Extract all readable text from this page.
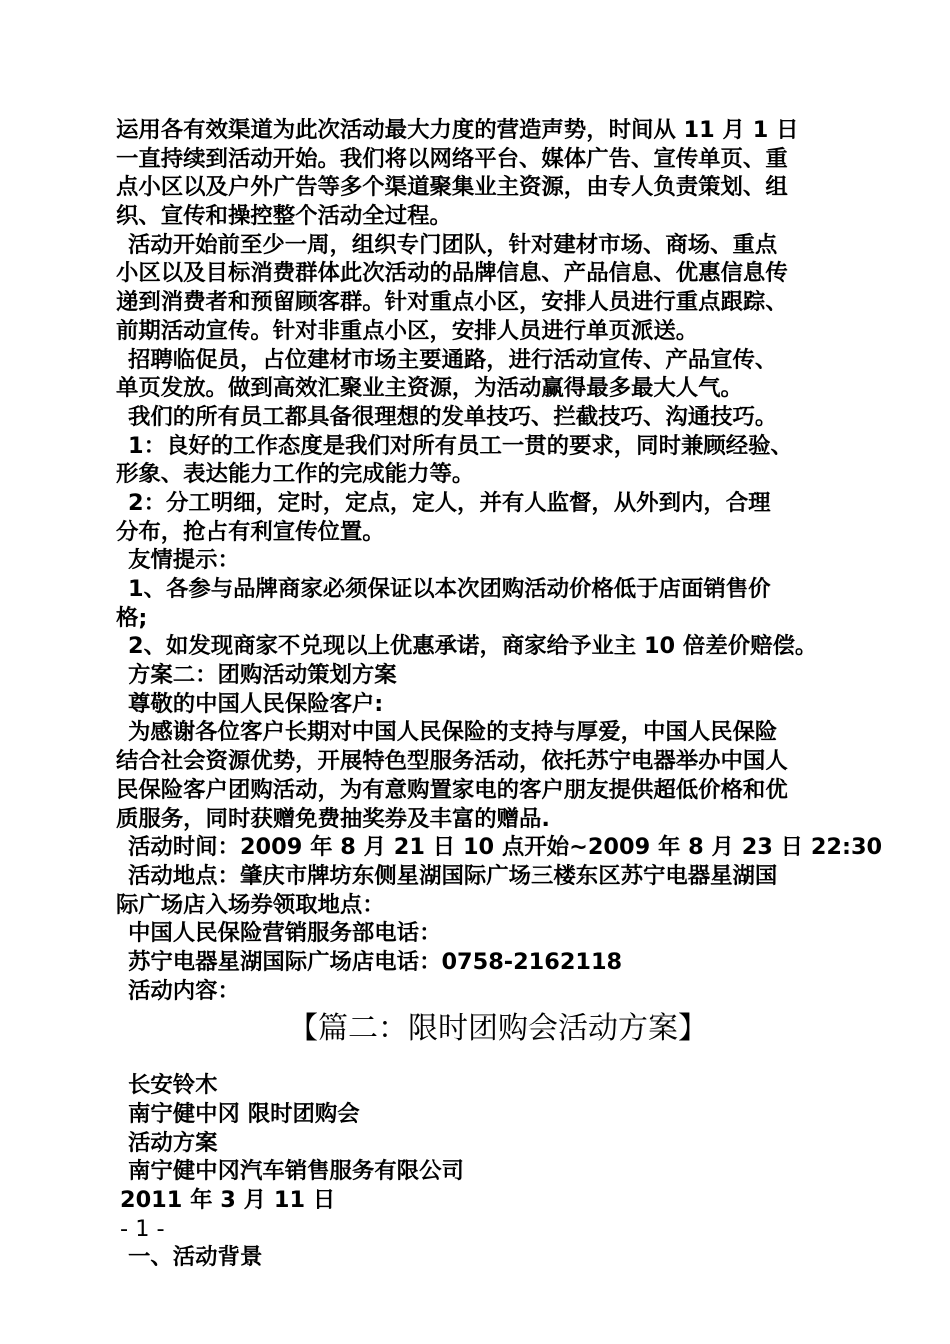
运用各有效渠道为此次活动最大力度的营造声势，时间从 11 月 1 日
一直持续到活动开始。我们将以网络平台、媒体广告、宣传单页、重
点小区以及户外广告等多个渠道聚集业主资源，由专人负责策划、组
织、宣传和操控整个活动全过程。
活动开始前至少一周，组织专门团队，针对建材市场、商场、重点
小区以及目标消费群体此次活动的品牌信息、产品信息、优惠信息传
递到消费者和预留顾客群。针对重点小区，安排人员进行重点跟踪、
前期活动宣传。针对非重点小区，安排人员进行单页派送。
招聘临促员，占位建材市场主要通路，进行活动宣传、产品宣传、
单页发放。做到高效汇聚业主资源，为活动赢得最多最大人气。
我们的所有员工都具备很理想的发单技巧、拦截技巧、沟通技巧。
1：良好的工作态度是我们对所有员工一贯的要求，同时兼顾经验、
形象、表达能力工作的完成能力等。
2：分工明细，定时，定点，定人，并有人监督，从外到内，合理
分布，抢占有利宣传位置。
友情提示：
1、各参与品牌商家必须保证以本次团购活动价格低于店面销售价
格;
2、如发现商家不兑现以上优惠承诺，商家给予业主 10 倍差价赔偿。
方案二：团购活动策划方案
尊敬的中国人民保险客户:
为感谢各位客户长期对中国人民保险的支持与厚爱，中国人民保险
结合社会资源优势，开展特色型服务活动，依托苏宁电器举办中国人
民保险客户团购活动，为有意购置家电的客户朋友提供超低价格和优
质服务，同时获赠免费抽奖券及丰富的赠品.
活动时间：2009 年 8 月 21 日 10 点开始~2009 年 8 月 23 日 22:30
活动地点：肇庆市牌坊东侧星湖国际广场三楼东区苏宁电器星湖国
际广场店入场券领取地点：
中国人民保险营销服务部电话：
苏宁电器星湖国际广场店电话：0758-2162118
活动内容：
【篇二：限时团购会活动方案】
长安铃木
南宁健中冈 限时团购会
活动方案
南宁健中冈汽车销售服务有限公司
2011 年 3 月 11 日
- 1 -
一、活动背景
